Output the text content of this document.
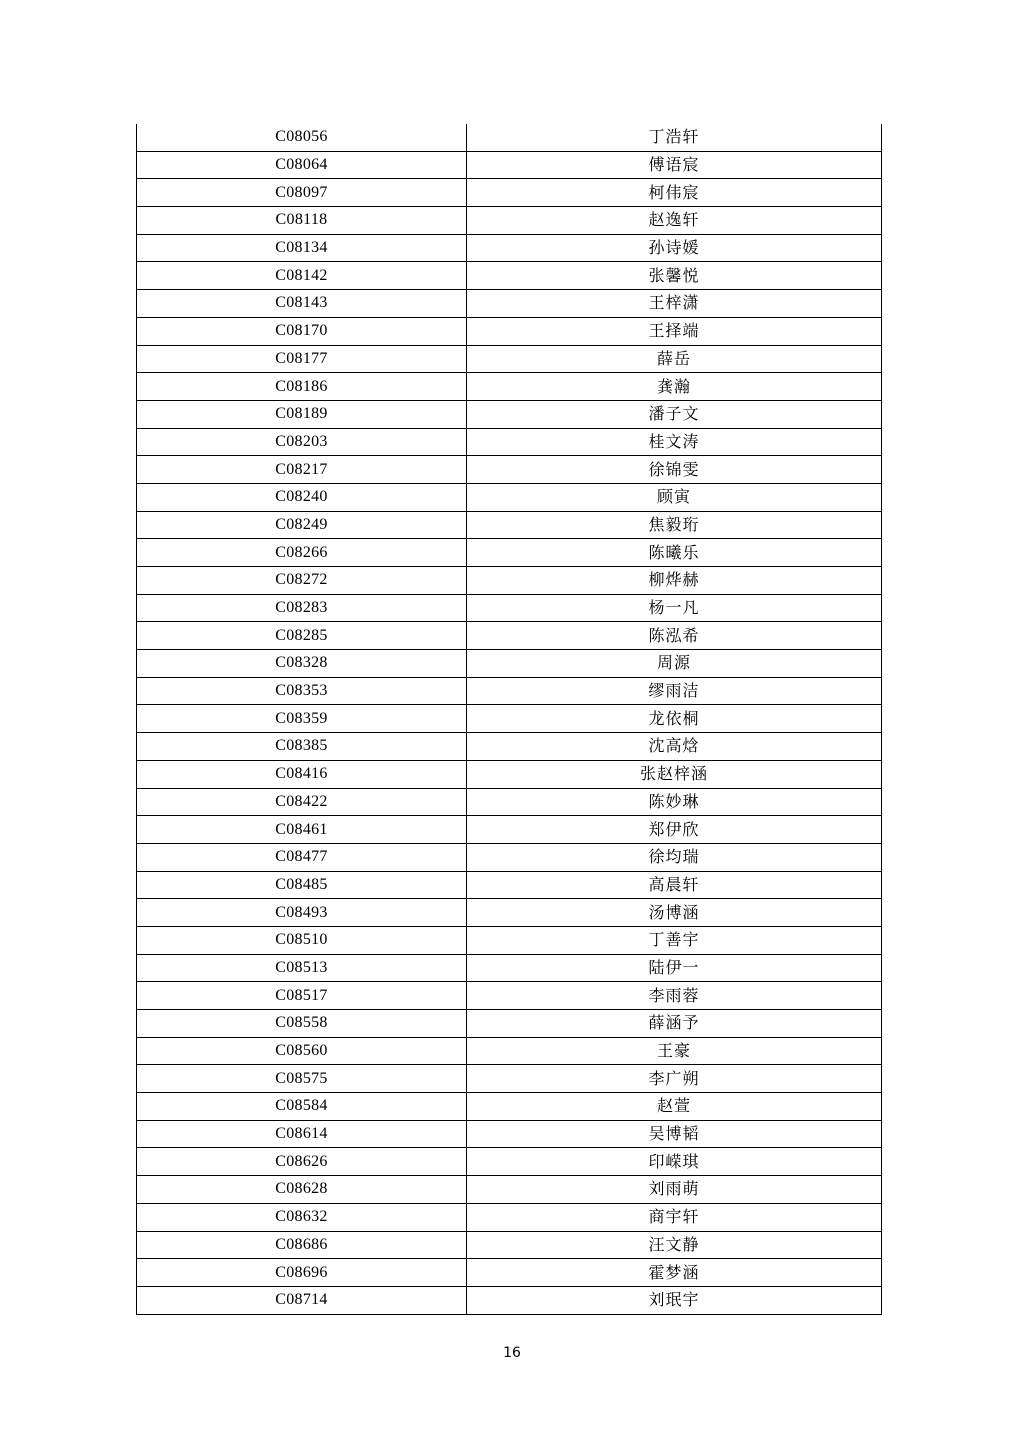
C08056	丁浩轩
C08064	傅语宸
C08097	柯伟宸
C08118	赵逸轩
C08134	孙诗媛
C08142	张馨悦
C08143	王梓潇
C08170	王择端
C08177	薛岳
C08186	龚瀚
C08189	潘子文
C08203	桂文涛
C08217	徐锦雯
C08240	顾寅
C08249	焦毅珩
C08266	陈曦乐
C08272	柳烨赫
C08283	杨一凡
C08285	陈泓希
C08328	周源
C08353	缪雨洁
C08359	龙依桐
C08385	沈高焓
C08416	张赵梓涵
C08422	陈妙琳
C08461	郑伊欣
C08477	徐均瑞
C08485	高晨轩
C08493	汤博涵
C08510	丁善宇
C08513	陆伊一
C08517	李雨蓉
C08558	薛涵予
C08560	王豪
C08575	李广朔
C08584	赵萱
C08614	吴博韬
C08626	印嵘琪
C08628	刘雨萌
C08632	商宇轩
C08686	汪文静
C08696	霍梦涵
C08714	刘珉宇
16
